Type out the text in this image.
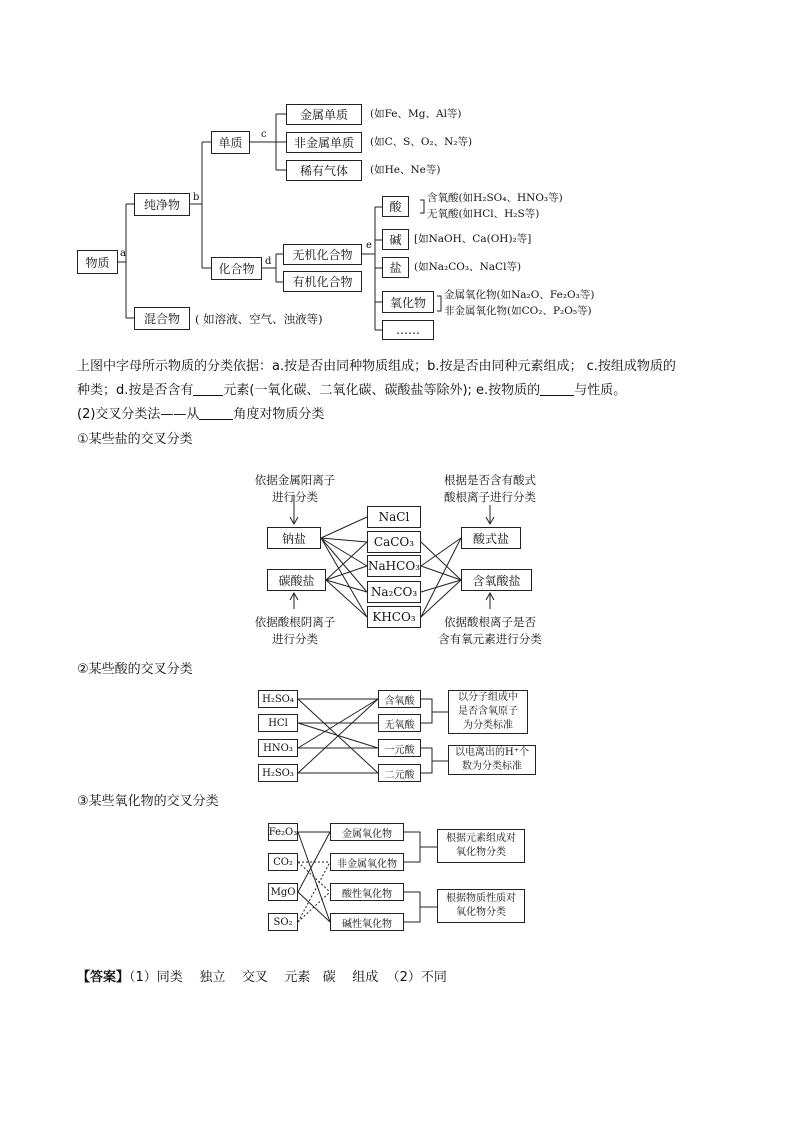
物质
a
纯净物
b
混合物	( 如溶液、空气、浊液等)
单质
c
化合物
d
金属单质	(如Fe、Mg、Al等)
非金属单质	(如C、S、O₂、N₂等)
稀有气体	(如He、Ne等)
无机化合物
e
有机化合物
酸
含氧酸(如H₂SO₄、HNO₃等)
无氧酸(如HCl、H₂S等)
碱	[如NaOH、Ca(OH)₂等]
盐	(如Na₂CO₃、NaCl等)
氧化物
金属氧化物(如Na₂O、Fe₂O₃等)
非金属氧化物(如CO₂、P₂O₅等)
……
上图中字母所示物质的分类依据：a.按是否由同种物质组成；b.按是否由同种元素组成； c.按组成物质的
种类；d.按是否含有 元素(一氧化碳、二氧化碳、碳酸盐等除外); e.按物质的	与性质。
(2)交叉分类法——从	角度对物质分类
①某些盐的交叉分类
依据金属阳离子
进行分类
根据是否含有酸式
酸根离子进行分类
依据酸根阴离子
进行分类
依据酸根离子是否
含有氧元素进行分类
钠盐
碳酸盐
NaCl
CaCO₃
NaHCO₃
Na₂CO₃
KHCO₃
酸式盐
含氧酸盐
②某些酸的交叉分类
H₂SO₄
HCl
HNO₃
H₂SO₃
含氧酸
无氧酸
一元酸
二元酸
以分子组成中
是否含氧原子
为分类标准
以电离出的H⁺个
数为分类标准
③某些氧化物的交叉分类
Fe₂O₃
CO₂
MgO
SO₂
金属氧化物
非金属氧化物
酸性氧化物
碱性氧化物
根据元素组成对
氧化物分类
根据物质性质对
氧化物分类
【答案】（1）同类    独立    交叉    元素   碳    组成  （2）不同
